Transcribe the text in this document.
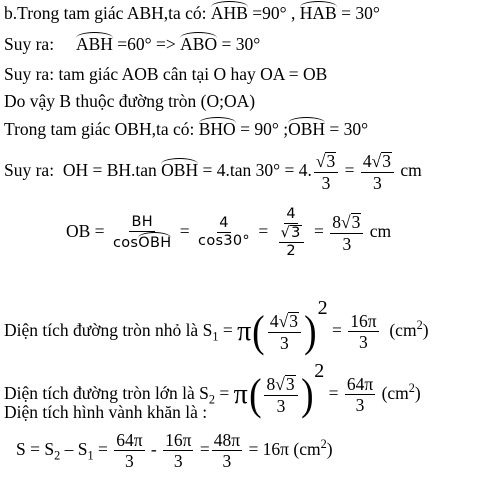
b.Trong tam giác ABH,ta có: AHB =90° , HAB = 30°
Suy ra:     ABH =60° => ABO = 30°
Suy ra: tam giác AOB cân tại O hay OA = OB
Do vậy B thuộc đường tròn (O;OA)
Trong tam giác OBH,ta có: BHO = 90° ;OBH = 30°
Suy ra:  OH = BH.tan OBH = 4.tan 30° = 4. $\frac{√ 3}{3} = \frac{4 √ 3}{3}$ cm
OB = $\frac{BH}{\text{cosOBH}} = \frac{4}{\cos 30^\circ} = \frac{4}{\frac{√ 3}{2}} = \frac{8 √ 3}{3}$ cm
Diện tích đường tròn nhỏ là $S_1 = \pi( \frac{4 √ 3}{3} )2 = \frac{16\pi}{3} (cm^2)$
Diện tích đường tròn lớn là $S_2 = \pi( \frac{8 √ 3}{3} )2 = \frac{64\pi}{3} (cm^2)$
Diện tích hình vành khăn là :
$S = S_2 - S_1 = \frac{64\pi}{3} - \frac{16\pi}{3} = \frac{48\pi}{3} = 16\pi$ $(cm^2)$
